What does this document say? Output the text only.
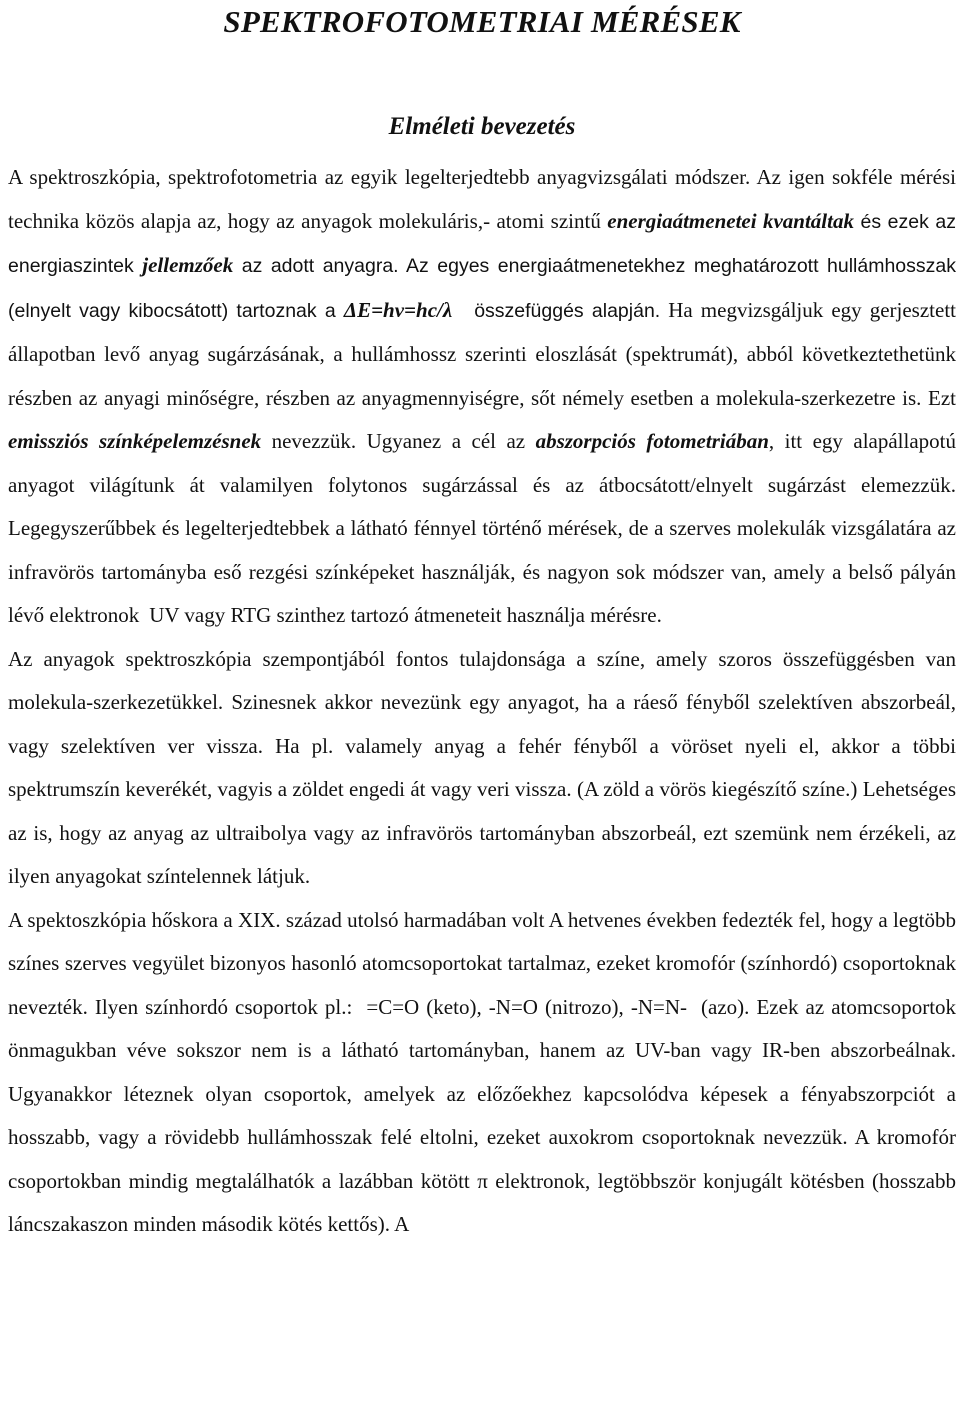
SPEKTROFOTOMETRIAI MÉRÉSEK
Elméleti bevezetés

A spektroszkópia, spektrofotometria az egyik legelterjedtebb anyagvizsgálati módszer. Az igen sokféle mérési technika közös alapja az, hogy az anyagok molekuláris,- atomi szintű energiaátmenetei kvantáltak és ezek az energiaszintek jellemzőek az adott anyagra. Az egyes energiaátmenetekhez meghatározott hullámhosszak (elnyelt vagy kibocsátott) tartoznak a ΔE=hν=hc/λ összefüggés alapján. Ha megvizsgáljuk egy gerjesztett állapotban levő anyag sugárzásának, a hullámhossz szerinti eloszlását (spektrumát), abból következtethetünk részben az anyagi minőségre, részben az anyagmennyiségre, sőt némely esetben a molekula-szerkezetre is. Ezt emissziós színképelemzésnek nevezzük. Ugyanez a cél az abszorpciós fotometriában, itt egy alapállapotú anyagot világítunk át valamilyen folytonos sugárzással és az átbocsátott/elnyelt sugárzást elemezzük. Legegyszerűbbek és legelterjedtebbek a látható fénnyel történő mérések, de a szerves molekulák vizsgálatára az infravörös tartományba eső rezgési színképeket használják, és nagyon sok módszer van, amely a belső pályán lévő elektronok UV vagy RTG szinthez tartozó átmeneteit használja mérésre.

Az anyagok spektroszkópia szempontjából fontos tulajdonsága a színe, amely szoros összefüggésben van molekula-szerkezetükkel. Szinesnek akkor nevezünk egy anyagot, ha a ráeső fényből szelektíven abszorbeál, vagy szelektíven ver vissza. Ha pl. valamely anyag a fehér fényből a vöröset nyeli el, akkor a többi spektrumszín keverékét, vagyis a zöldet engedi át vagy veri vissza. (A zöld a vörös kiegészítő színe.) Lehetséges az is, hogy az anyag az ultraibolya vagy az infravörös tartományban abszorbeál, ezt szemünk nem érzékeli, az ilyen anyagokat színtelennek látjuk.

A spektoszkópia hőskora a XIX. század utolsó harmadában volt A hetvenes években fedezték fel, hogy a legtöbb színes szerves vegyület bizonyos hasonló atomcsoportokat tartalmaz, ezeket kromofór (színhordó) csoportoknak nevezték. Ilyen színhordó csoportok pl.: =C=O (keto), -N=O (nitrozo), -N=N- (azo). Ezek az atomcsoportok önmagukban véve sokszor nem is a látható tartományban, hanem az UV-ban vagy IR-ben abszorbeálnak. Ugyanakkor léteznek olyan csoportok, amelyek az előzőekhez kapcsolódva képesek a fényabszorpciót a hosszabb, vagy a rövidebb hullámhosszak felé eltolni, ezeket auxokrom csoportoknak nevezzük. A kromofór csoportokban mindig megtalálhatók a lazábban kötött π elektronok, legtöbbször konjugált kötésben (hosszabb láncszakaszon minden második kötés kettős). A
